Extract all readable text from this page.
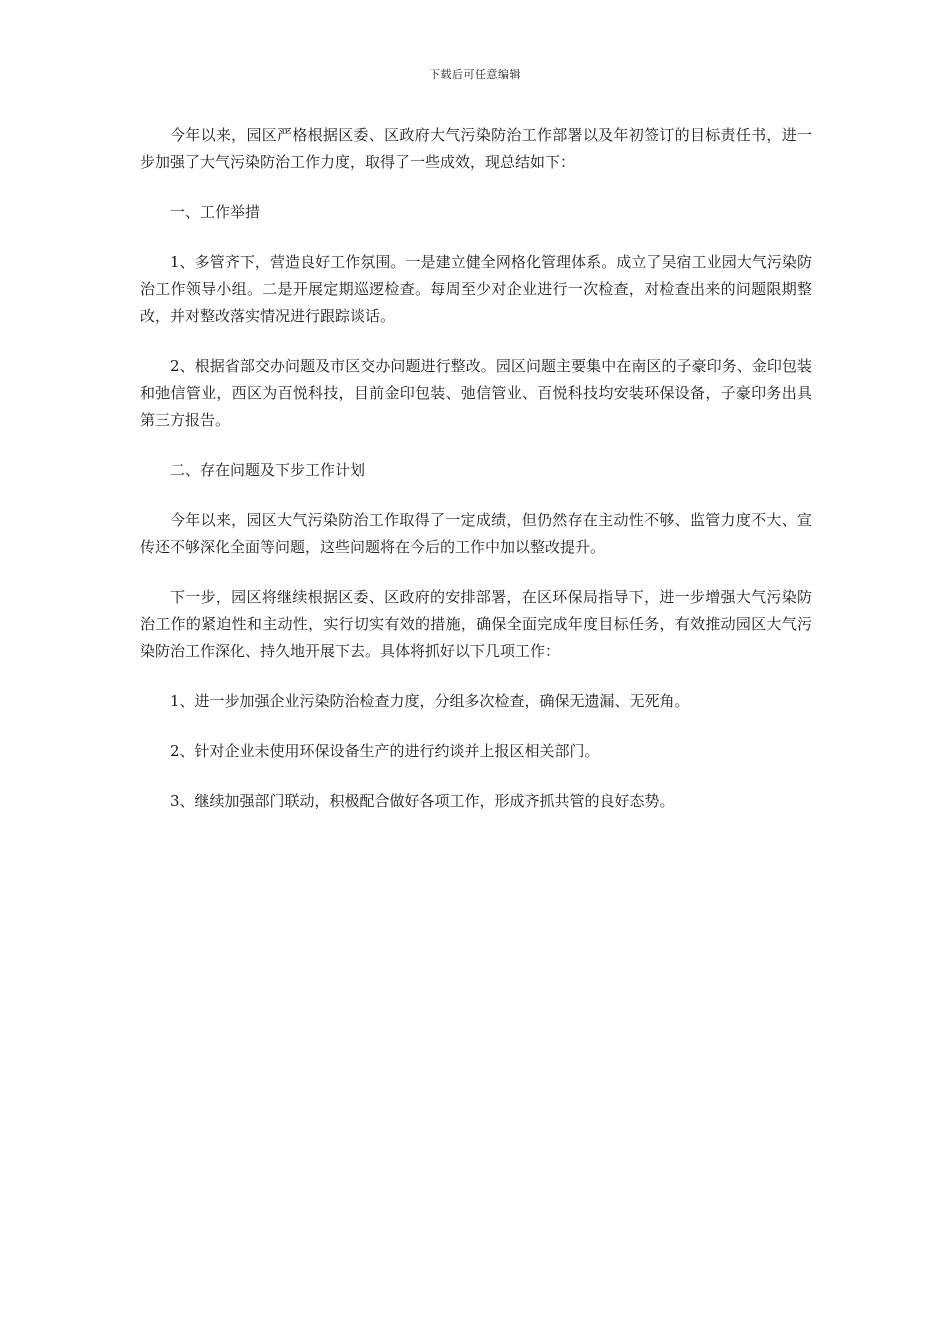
下载后可任意编辑

今年以来，园区严格根据区委、区政府大气污染防治工作部署以及年初签订的目标责任书，进一步加强了大气污染防治工作力度，取得了一些成效，现总结如下：

一、工作举措

1、多管齐下，营造良好工作氛围。一是建立健全网格化管理体系。成立了吴宿工业园大气污染防治工作领导小组。二是开展定期巡逻检查。每周至少对企业进行一次检查，对检查出来的问题限期整改，并对整改落实情况进行跟踪谈话。

2、根据省部交办问题及市区交办问题进行整改。园区问题主要集中在南区的子豪印务、金印包装和弛信管业，西区为百悦科技，目前金印包装、弛信管业、百悦科技均安装环保设备，子豪印务出具第三方报告。

二、存在问题及下步工作计划

今年以来，园区大气污染防治工作取得了一定成绩，但仍然存在主动性不够、监管力度不大、宣传还不够深化全面等问题，这些问题将在今后的工作中加以整改提升。

下一步，园区将继续根据区委、区政府的安排部署，在区环保局指导下，进一步增强大气污染防治工作的紧迫性和主动性，实行切实有效的措施，确保全面完成年度目标任务，有效推动园区大气污染防治工作深化、持久地开展下去。具体将抓好以下几项工作：

1、进一步加强企业污染防治检查力度，分组多次检查，确保无遗漏、无死角。

2、针对企业未使用环保设备生产的进行约谈并上报区相关部门。

3、继续加强部门联动，积极配合做好各项工作，形成齐抓共管的良好态势。
